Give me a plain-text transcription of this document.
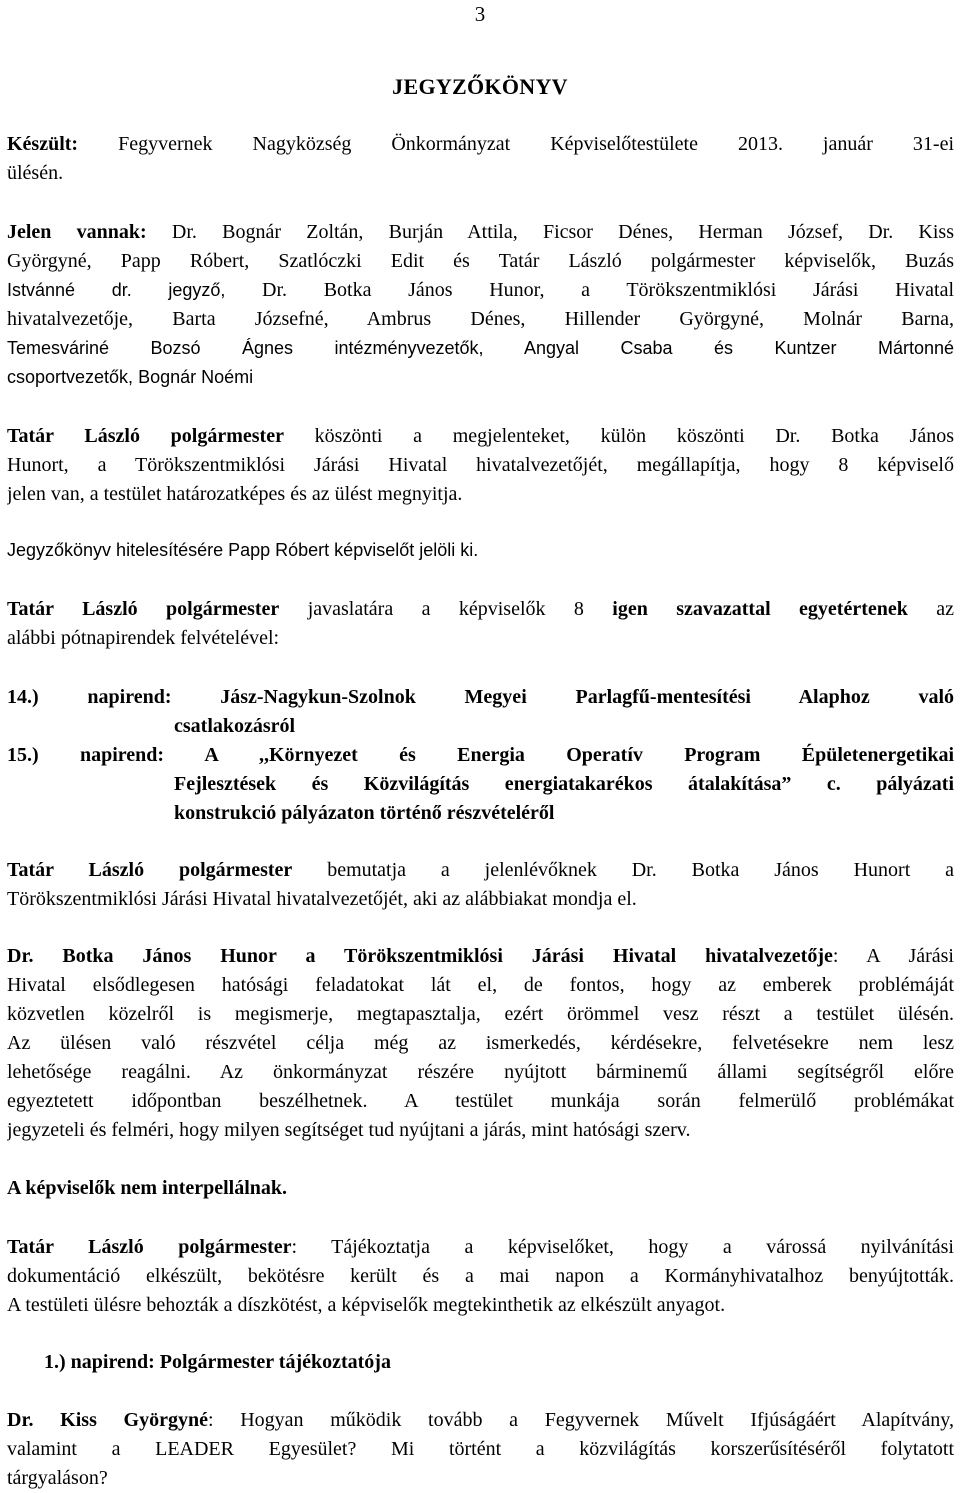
3
JEGYZŐKÖNYV
Készült: Fegyvernek Nagyközség Önkormányzat Képviselőtestülete 2013. január 31-ei
ülésén.
Jelen vannak: Dr. Bognár Zoltán, Burján Attila, Ficsor Dénes, Herman József, Dr. Kiss
Györgyné, Papp Róbert, Szatlóczki Edit és Tatár László polgármester képviselők, Buzás
Istvánné dr. jegyző, Dr. Botka János Hunor, a Törökszentmiklósi Járási Hivatal
hivatalvezetője, Barta Józsefné, Ambrus Dénes, Hillender Györgyné, Molnár Barna,
Temesváriné Bozsó Ágnes intézményvezetők, Angyal Csaba és Kuntzer Mártonné
csoportvezetők, Bognár Noémi
Tatár László polgármester köszönti a megjelenteket, külön köszönti Dr. Botka János
Hunort, a Törökszentmiklósi Járási Hivatal hivatalvezetőjét, megállapítja, hogy 8 képviselő
jelen van, a testület határozatképes és az ülést megnyitja.
Jegyzőkönyv hitelesítésére Papp Róbert képviselőt jelöli ki.
Tatár László polgármester javaslatára a képviselők 8 igen szavazattal egyetértenek az
alábbi pótnapirendek felvételével:
14.) napirend: Jász-Nagykun-Szolnok Megyei Parlagfű-mentesítési Alaphoz való
csatlakozásról
15.) napirend: A ,,Környezet és Energia Operatív Program Épületenergetikai
Fejlesztések és Közvilágítás energiatakarékos átalakítása” c. pályázati
konstrukció pályázaton történő részvételéről
Tatár László polgármester bemutatja a jelenlévőknek Dr. Botka János Hunort a
Törökszentmiklósi Járási Hivatal hivatalvezetőjét, aki az alábbiakat mondja el.
Dr. Botka János Hunor a Törökszentmiklósi Járási Hivatal hivatalvezetője: A Járási
Hivatal elsődlegesen hatósági feladatokat lát el, de fontos, hogy az emberek problémáját
közvetlen közelről is megismerje, megtapasztalja, ezért örömmel vesz részt a testület ülésén.
Az ülésen való részvétel célja még az ismerkedés, kérdésekre, felvetésekre nem lesz
lehetősége reagálni. Az önkormányzat részére nyújtott bárminemű állami segítségről előre
egyeztetett időpontban beszélhetnek. A testület munkája során felmerülő problémákat
jegyzeteli és felméri, hogy milyen segítséget tud nyújtani a járás, mint hatósági szerv.
A képviselők nem interpellálnak.
Tatár László polgármester: Tájékoztatja a képviselőket, hogy a várossá nyilvánítási
dokumentáció elkészült, bekötésre került és a mai napon a Kormányhivatalhoz benyújtották.
A testületi ülésre behozták a díszkötést, a képviselők megtekinthetik az elkészült anyagot.
1.) napirend: Polgármester tájékoztatója
Dr. Kiss Györgyné: Hogyan működik tovább a Fegyvernek Művelt Ifjúságáért Alapítvány,
valamint a LEADER Egyesület? Mi történt a közvilágítás korszerűsítéséről folytatott
tárgyaláson?
